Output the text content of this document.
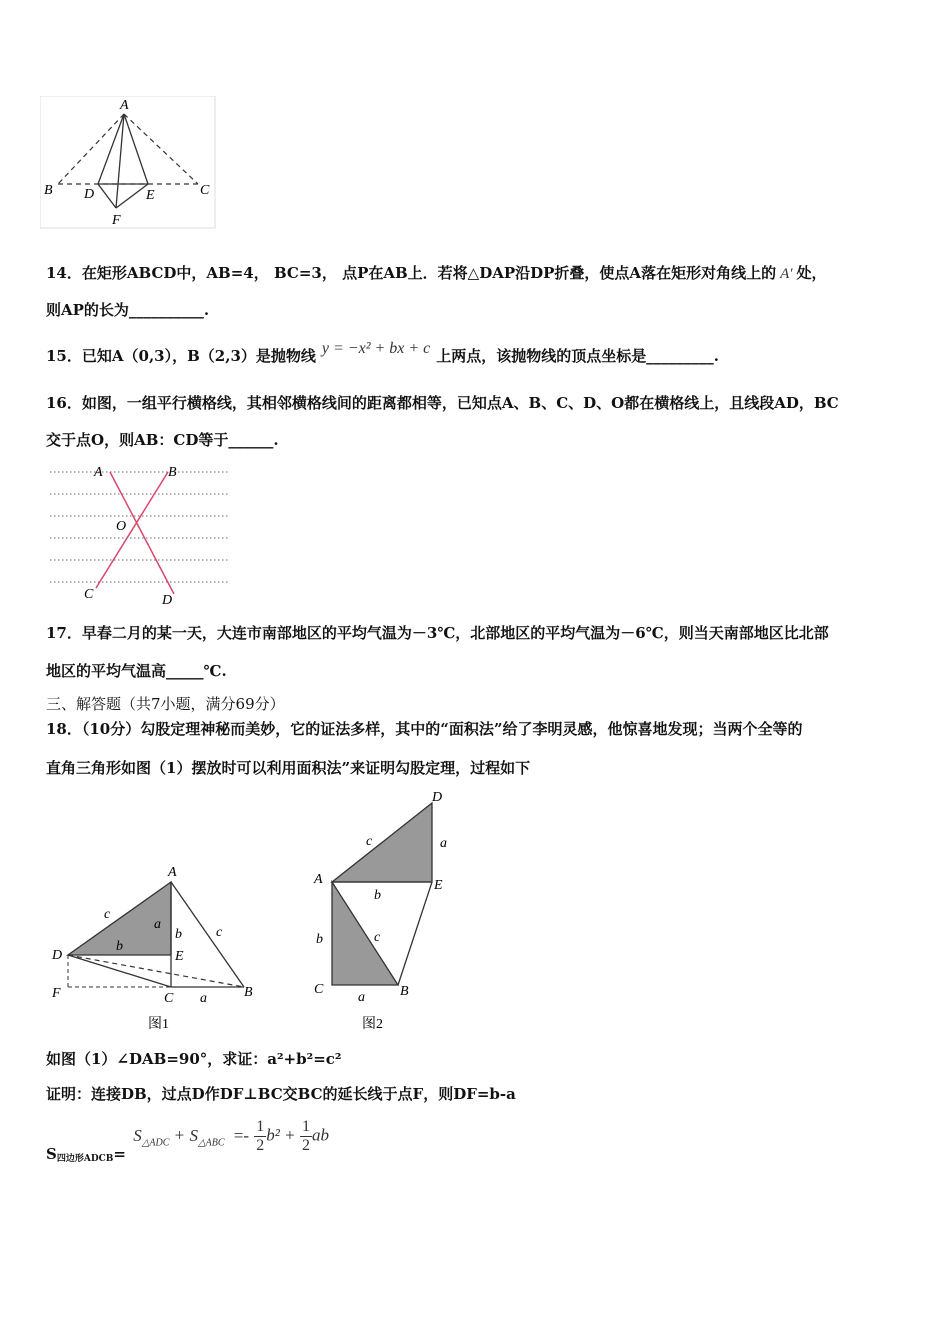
A
B D	E	C
F
14．在矩形ABCD中，AB=4， BC=3， 点P在AB上．若将△DAP沿DP折叠，使点A落在矩形对角线上的 A′ 处，
则AP的长为__________.
15．已知A（0,3），B（2,3）是抛物线 y = −x² + bx + c 上两点，该抛物线的顶点坐标是_________.
16．如图，一组平行横格线，其相邻横格线间的距离都相等，已知点A、B、C、D、O都在横格线上，且线段AD，BC
交于点O，则AB：CD等于______.
A	B
O
C	D
17．早春二月的某一天，大连市南部地区的平均气温为－3℃，北部地区的平均气温为－6℃，则当天南部地区比北部
地区的平均气温高_____℃.
三、解答题（共7小题，满分69分）
18．（10分）勾股定理神秘而美妙，它的证法多样，其中的“面积法”给了李明灵感，他惊喜地发现；当两个全等的
直角三角形如图（1）摆放时可以利用面积法”来证明勾股定理，过程如下
A
c
a
b c
D
b
E
F	C a	B
图1
D
c	a
A
b
E
b	c
C
a	B
图2
如图（1）∠DAB=90°，求证：a²+b²=c²
证明：连接DB，过点D作DF⊥BC交BC的延长线于点F，则DF=b-a
$S_{四边形ADCB}= S_{\triangle ADC} + S_{\triangle ABC} =- \frac{1}{2} b^2 + \frac{1}{2}$ ab
